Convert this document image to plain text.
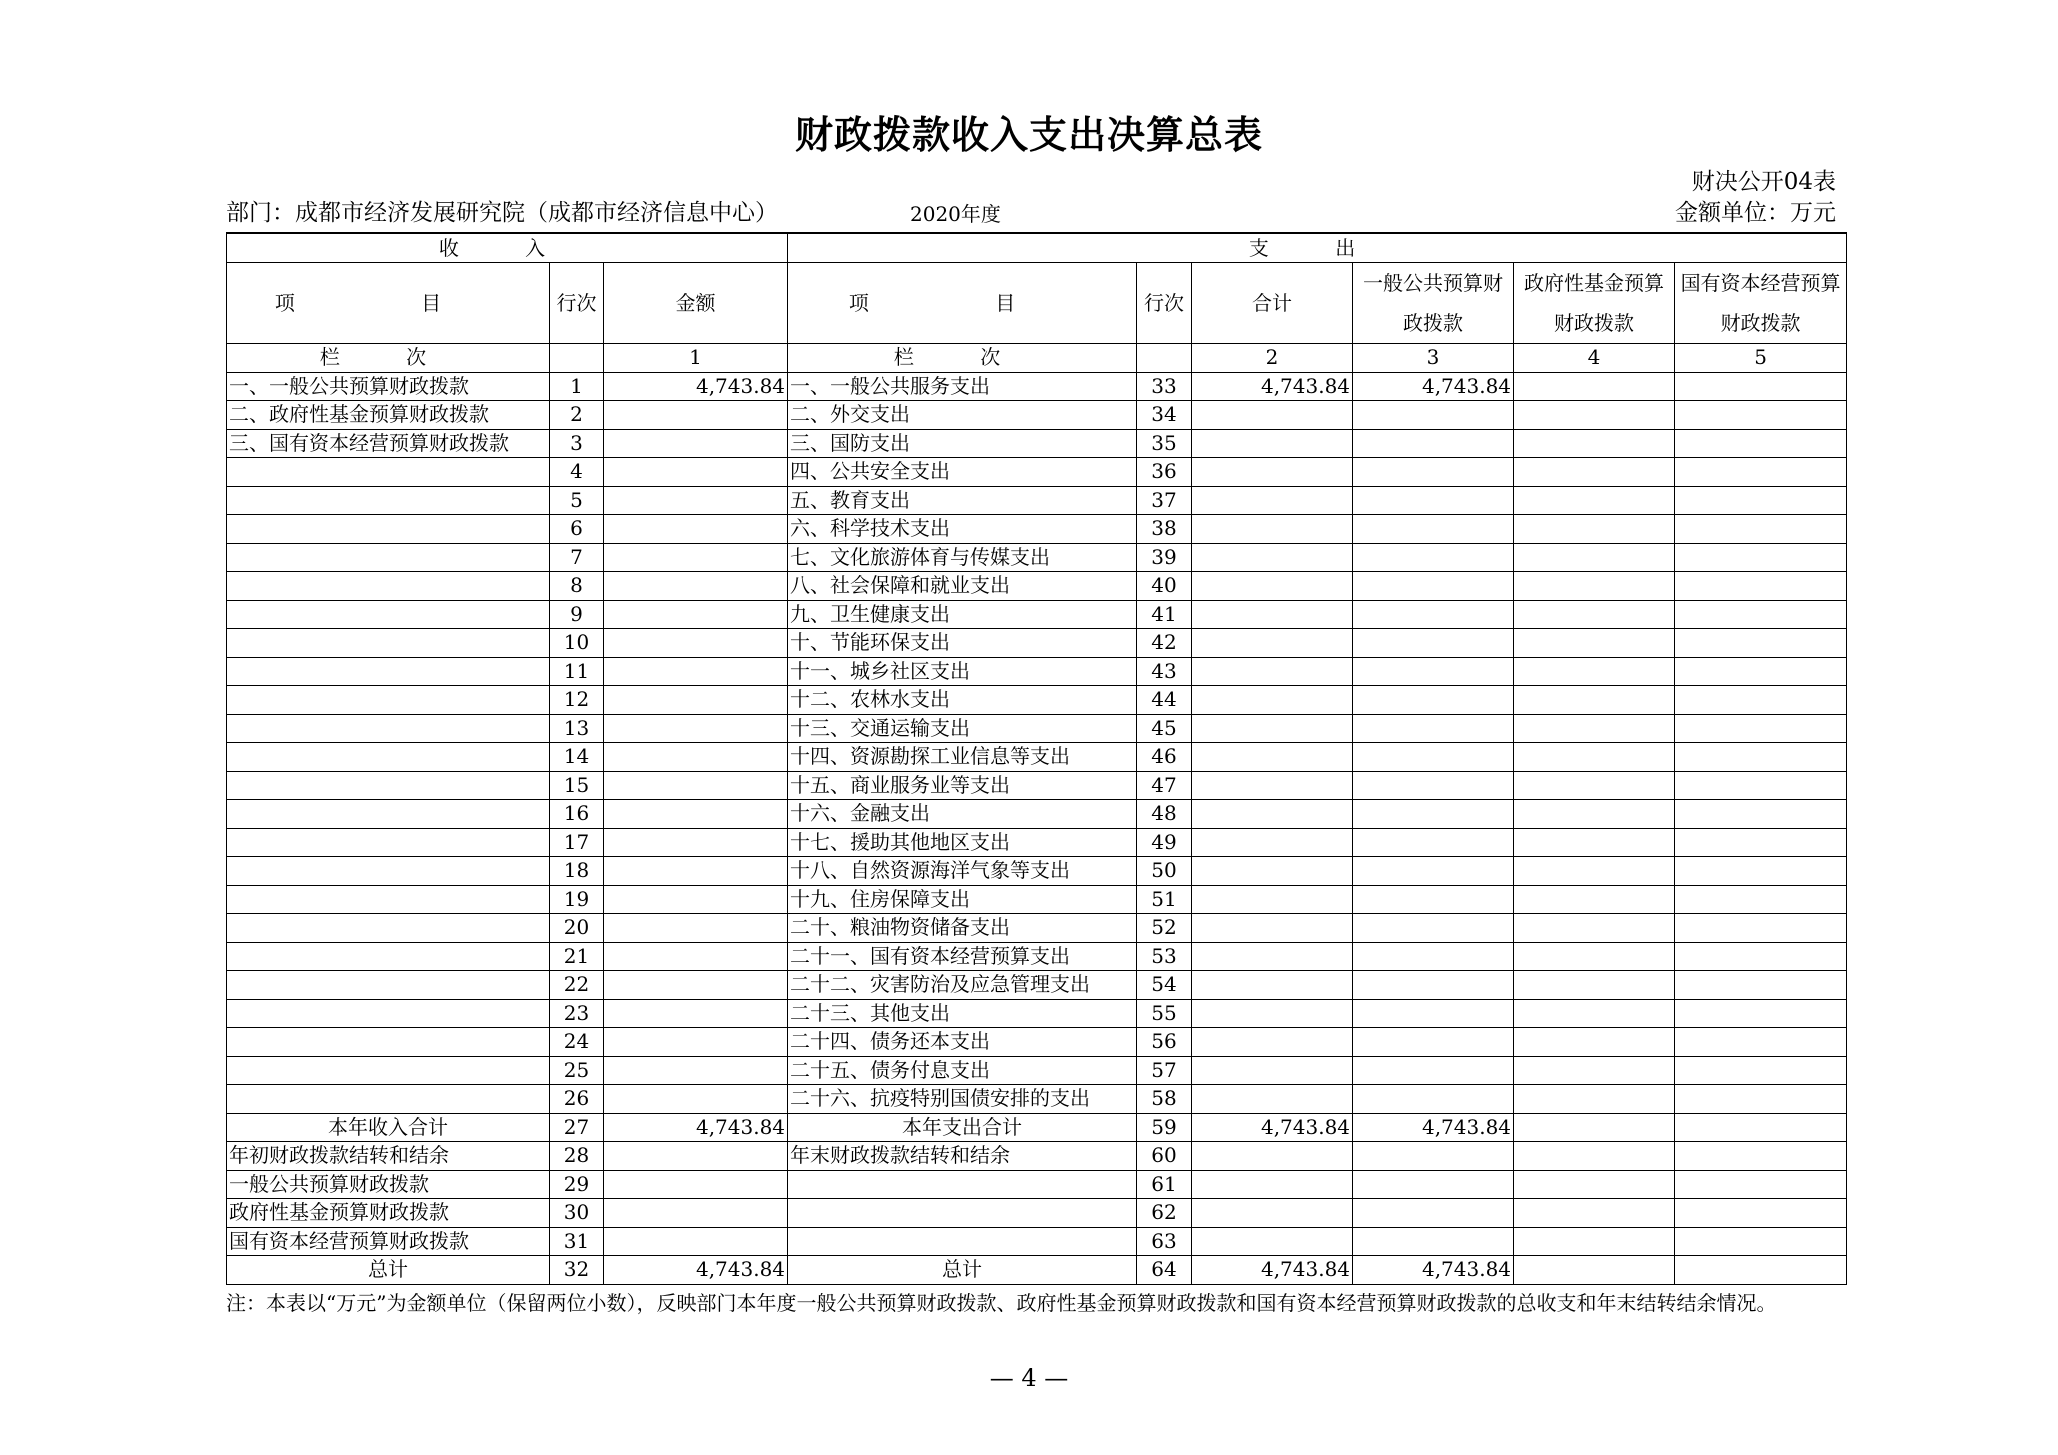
财政拨款收入支出决算总表
财决公开04表
部门：成都市经济发展研究院（成都市经济信息中心）	2020年度	金额单位：万元
收 入			支 出					
项 目	行次	金额	项 目	行次	合计	一般公共预算财政拨款	政府性基金预算财政拨款	国有资本经营预算财政拨款
栏 次		1	栏 次		2	3	4	5
一、一般公共预算财政拨款	1	4,743.84	一、一般公共服务支出	33	4,743.84	4,743.84		
二、政府性基金预算财政拨款	2		二、外交支出	34				
三、国有资本经营预算财政拨款	3		三、国防支出	35				
	4		四、公共安全支出	36				
	5		五、教育支出	37				
	6		六、科学技术支出	38				
	7		七、文化旅游体育与传媒支出	39				
	8		八、社会保障和就业支出	40				
	9		九、卫生健康支出	41				
	10		十、节能环保支出	42				
	11		十一、城乡社区支出	43				
	12		十二、农林水支出	44				
	13		十三、交通运输支出	45				
	14		十四、资源勘探工业信息等支出	46				
	15		十五、商业服务业等支出	47				
	16		十六、金融支出	48				
	17		十七、援助其他地区支出	49				
	18		十八、自然资源海洋气象等支出	50				
	19		十九、住房保障支出	51				
	20		二十、粮油物资储备支出	52				
	21		二十一、国有资本经营预算支出	53				
	22		二十二、灾害防治及应急管理支出	54				
	23		二十三、其他支出	55				
	24		二十四、债务还本支出	56				
	25		二十五、债务付息支出	57				
	26		二十六、抗疫特别国债安排的支出	58				
本年收入合计	27	4,743.84	本年支出合计	59	4,743.84	4,743.84		
年初财政拨款结转和结余	28		年末财政拨款结转和结余	60				
一般公共预算财政拨款	29			61				
政府性基金预算财政拨款	30			62				
国有资本经营预算财政拨款	31			63				
总计	32	4,743.84	总计	64	4,743.84	4,743.84		
注：本表以“万元”为金额单位（保留两位小数），反映部门本年度一般公共预算财政拨款、政府性基金预算财政拨款和国有资本经营预算财政拨款的总收支和年末结转结余情况。
— 4 —
